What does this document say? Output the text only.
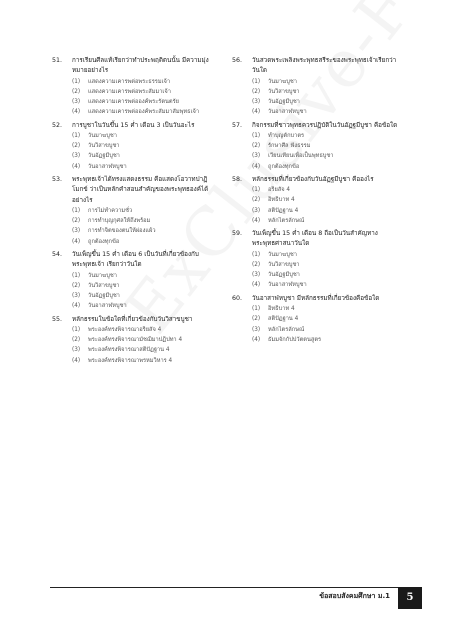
51.	การเรียนศีลแท้เรียกว่าทำประพฤติตนนั้น มีความมุ่ง
หมายอย่างไร
(1)	แสดงความเคารพต่อพระธรรมเจ้า
(2)	แสดงความเคารพต่อพระสัมมาเจ้า
(3)	แสดงความเคารพต่อองค์พระรัตนตรัย
(4)	แสดงความเคารพต่อองค์พระสัมมาสัมพุทธเจ้า
52.	การบูชาในวันขึ้น 15 ค่ำ เดือน 3 เป็นวันอะไร
(1)	วันมาฆบูชา
(2)	วันวิสาขบูชา
(3)	วันอัฏฐมีบูชา
(4)	วันอาสาฬหบูชา
53.	พระพุทธเจ้าได้ทรงแสดงธรรม คือแสดงโอวาทปาฏิ
โมกข์ ว่าเป็นหลักคำสอนสำคัญของพระพุทธองค์ได้อย่างไร
(1)	การไม่ทำความชั่ว
(2)	การทำบุญกุศลให้ถึงพร้อม
(3)	การทำจิตของตนให้ผ่องแผ้ว
(4)	ถูกต้องทุกข้อ
54.	วันเพ็ญขึ้น 15 ค่ำ เดือน 6 เป็นวันที่เกี่ยวข้องกับ
พระพุทธเจ้า เรียกว่าวันใด
(1)	วันมาฆบูชา
(2)	วันวิสาขบูชา
(3)	วันอัฏฐมีบูชา
(4)	วันอาสาฬหบูชา
55.	หลักธรรมในข้อใดที่เกี่ยวข้องกับวันวิสาขบูชา
(1)	พระองค์ทรงพิจารณาอริยสัจ 4
(2)	พระองค์ทรงพิจารณามัชฌิมาปฏิปทา 4
(3)	พระองค์ทรงพิจารณาสติปัฏฐาน 4
(4)	พระองค์ทรงพิจารณาพรหมวิหาร 4
56.	วันสวดพระเพลิงพระพุทธสรีระของพระพุทธเจ้าเรียกว่า
วันใด
(1)	วันมาฆบูชา
(2)	วันวิสาขบูชา
(3)	วันอัฏฐมีบูชา
(4)	วันอาสาฬหบูชา
57.	กิจกรรมที่ชาวพุทธควรปฏิบัติในวันอัฏฐมีบูชา คือข้อใด
(1)	ทำบุญตักบาตร
(2)	รักษาศีล ฟังธรรม
(3)	เวียนเทียนเพื่อเป็นพุทธบูชา
(4)	ถูกต้องทุกข้อ
58.	หลักธรรมที่เกี่ยวข้องกับวันอัฏฐมีบูชา คือองไร
(1)	อริยสัจ 4
(2)	อิทธิบาท 4
(3)	สติปัฏฐาน 4
(4)	หลักไตรลักษณ์
59.	วันเพ็ญขึ้น 15 ค่ำ เดือน 8 ถือเป็นวันสำคัญทาง
พระพุทธศาสนาวันใด
(1)	วันมาฆบูชา
(2)	วันวิสาขบูชา
(3)	วันอัฏฐมีบูชา
(4)	วันอาสาฬหบูชา
60.	วันอาสาฬหบูชา มีหลักธรรมที่เกี่ยวข้องคือข้อใด
(1)	อิทธิบาท 4
(2)	สติปัฏฐาน 4
(3)	หลักไตรลักษณ์
(4)	ธัมมจักกัปปวัตตนสูตร
ข้อสอบสังคมศึกษา ม.1	5
